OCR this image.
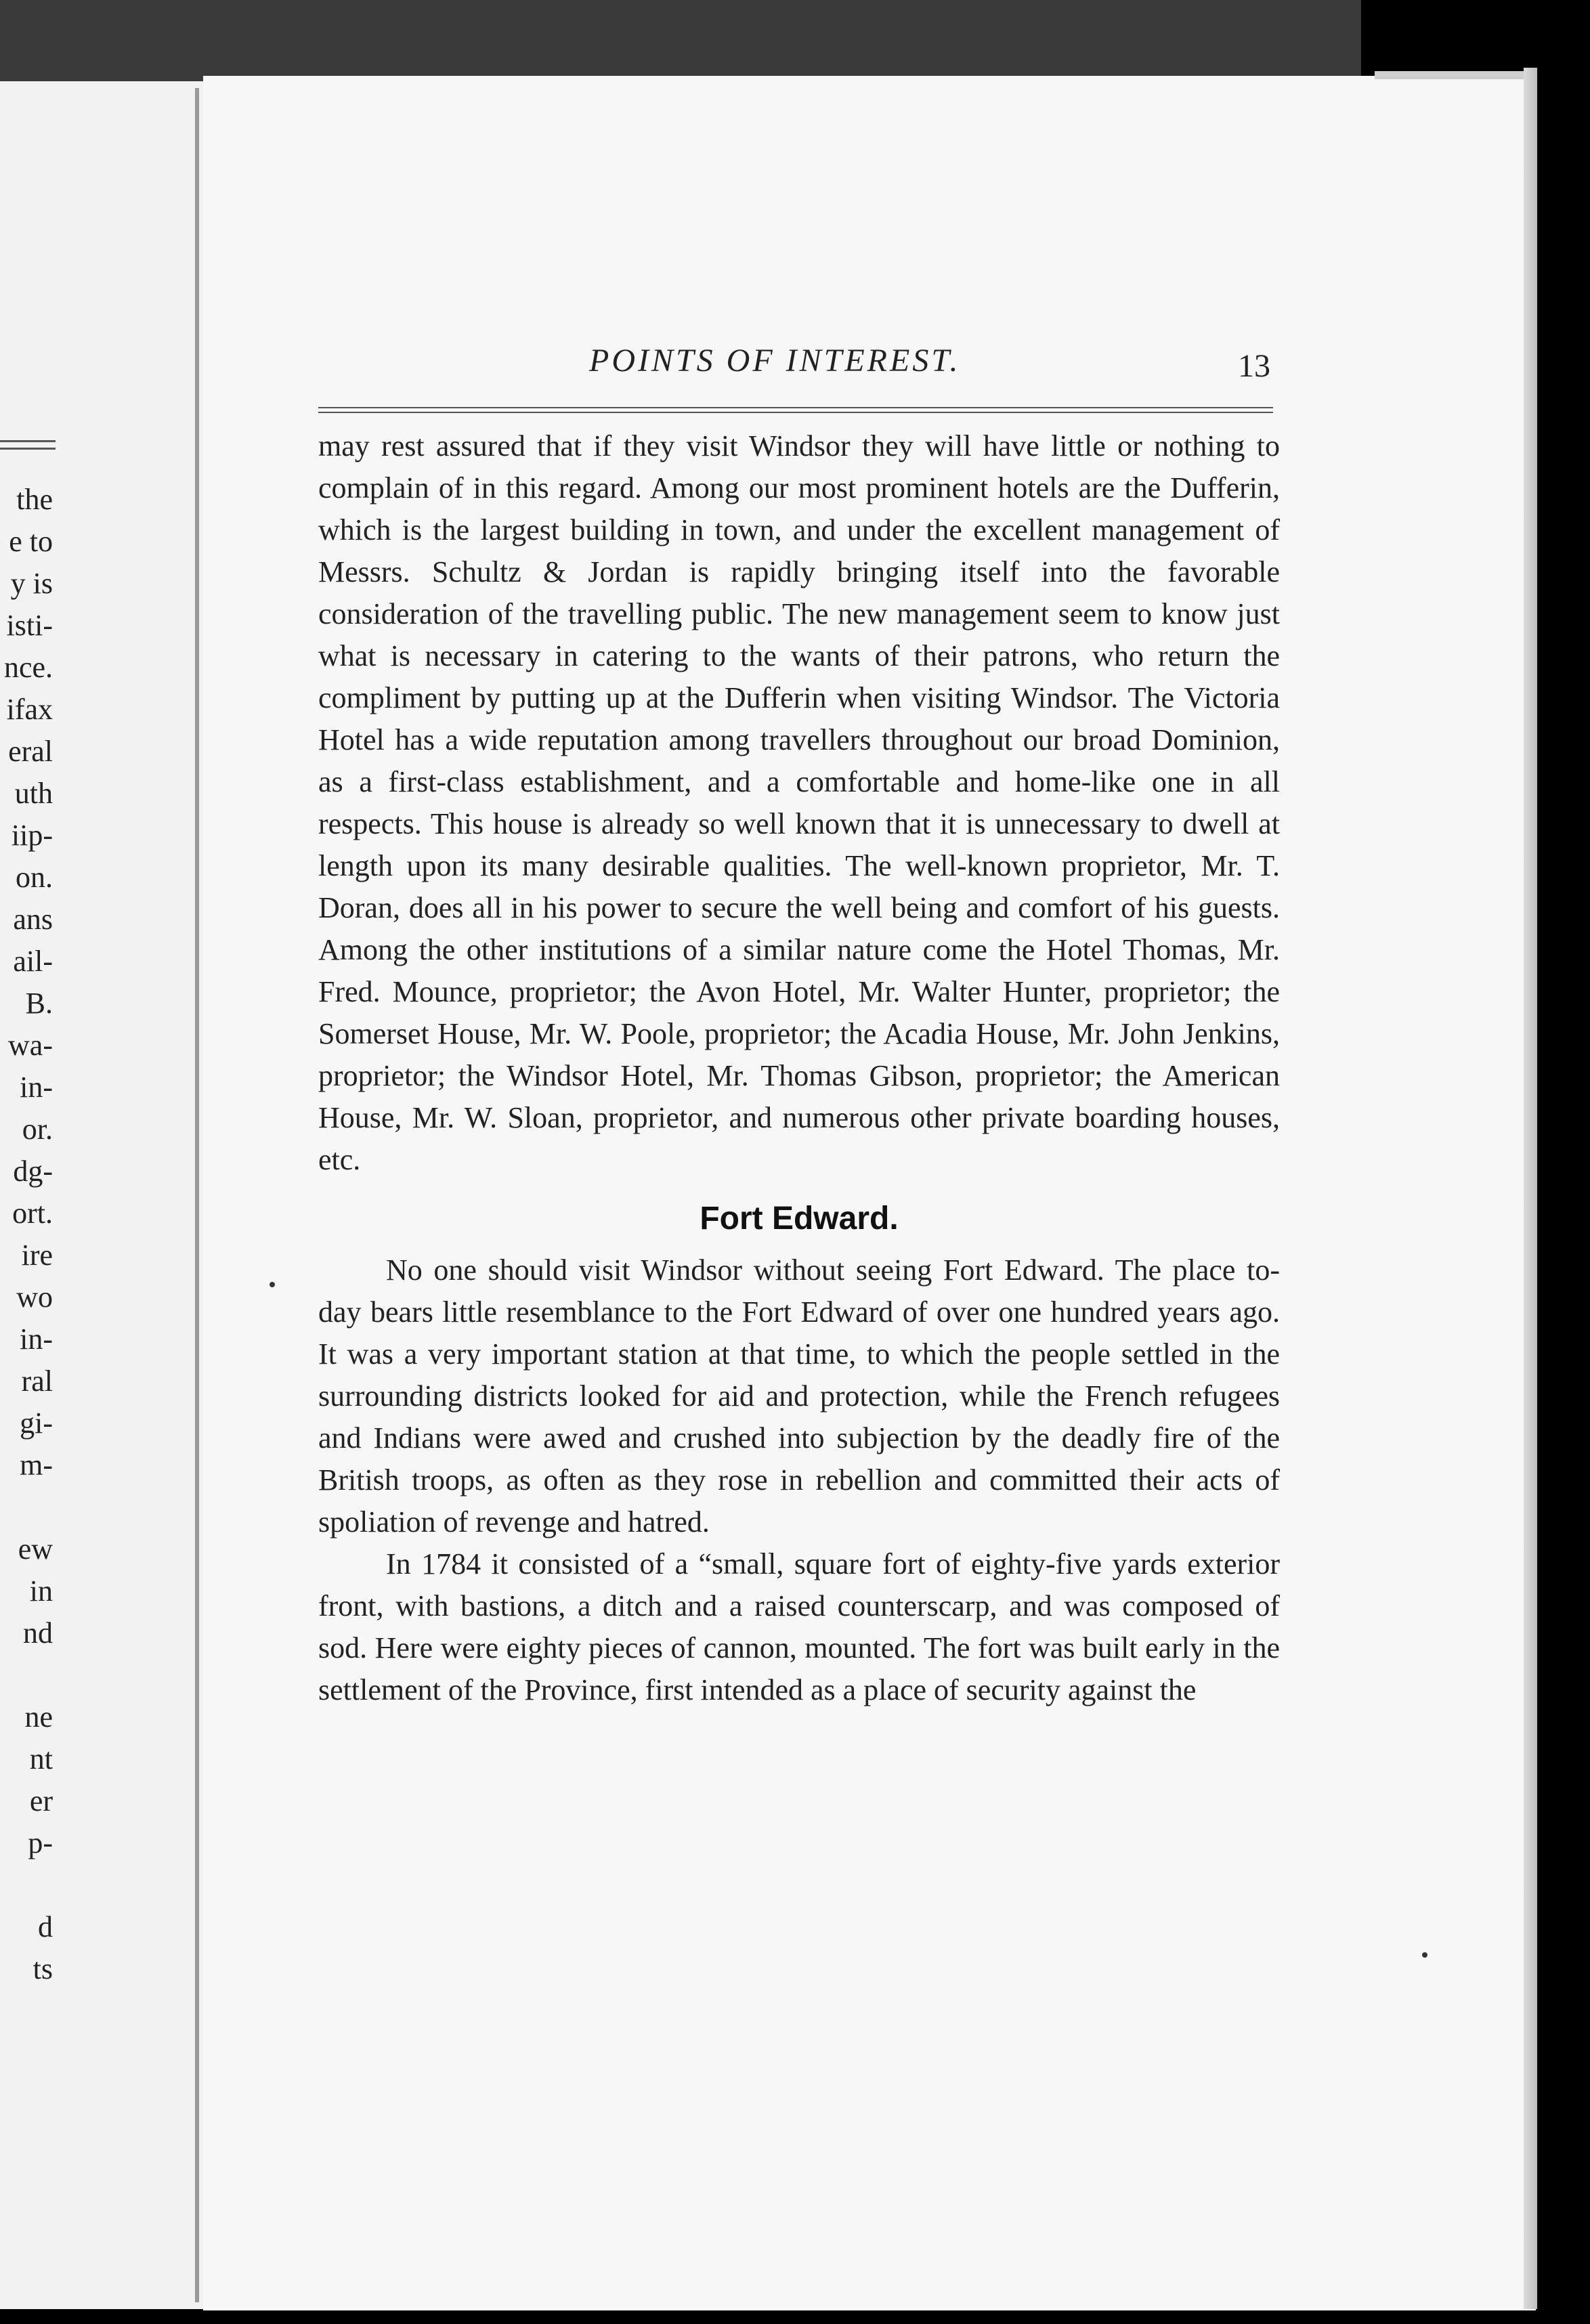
the
e to
y is
isti-
nce.
ifax
eral
uth
iip-
on.
ans
ail-
B.
wa-
in-
or.
dg-
ort.
ire
wo
in-
ral
gi-
m-
ew
in
nd
ne
nt
er
p-
d
ts
POINTS OF INTEREST.	13

may rest assured that if they visit Windsor they will have little or nothing to complain of in this regard. Among our most prominent hotels are the Dufferin, which is the largest building in town, and under the excellent management of Messrs. Schultz & Jordan is rapidly bringing itself into the favorable consideration of the travelling public. The new management seem to know just what is necessary in catering to the wants of their patrons, who return the compliment by putting up at the Dufferin when visiting Windsor. The Victoria Hotel has a wide reputation among travellers throughout our broad Dominion, as a first-class establishment, and a comfortable and home-like one in all respects. This house is already so well known that it is unnecessary to dwell at length upon its many desirable qualities. The well-known proprietor, Mr. T. Doran, does all in his power to secure the well being and comfort of his guests. Among the other institutions of a similar nature come the Hotel Thomas, Mr. Fred. Mounce, proprietor; the Avon Hotel, Mr. Walter Hunter, proprietor; the Somerset House, Mr. W. Poole, proprietor; the Acadia House, Mr. John Jenkins, proprietor; the Windsor Hotel, Mr. Thomas Gibson, proprietor; the American House, Mr. W. Sloan, proprietor, and numerous other private boarding houses, etc.

Fort Edward.

No one should visit Windsor without seeing Fort Edward. The place to-day bears little resemblance to the Fort Edward of over one hundred years ago. It was a very important station at that time, to which the people settled in the surrounding districts looked for aid and protection, while the French refugees and Indians were awed and crushed into subjection by the deadly fire of the British troops, as often as they rose in rebellion and committed their acts of spoliation of revenge and hatred.

In 1784 it consisted of a “small, square fort of eighty-five yards exterior front, with bastions, a ditch and a raised counterscarp, and was composed of sod. Here were eighty pieces of cannon, mounted. The fort was built early in the settlement of the Province, first intended as a place of security against the
